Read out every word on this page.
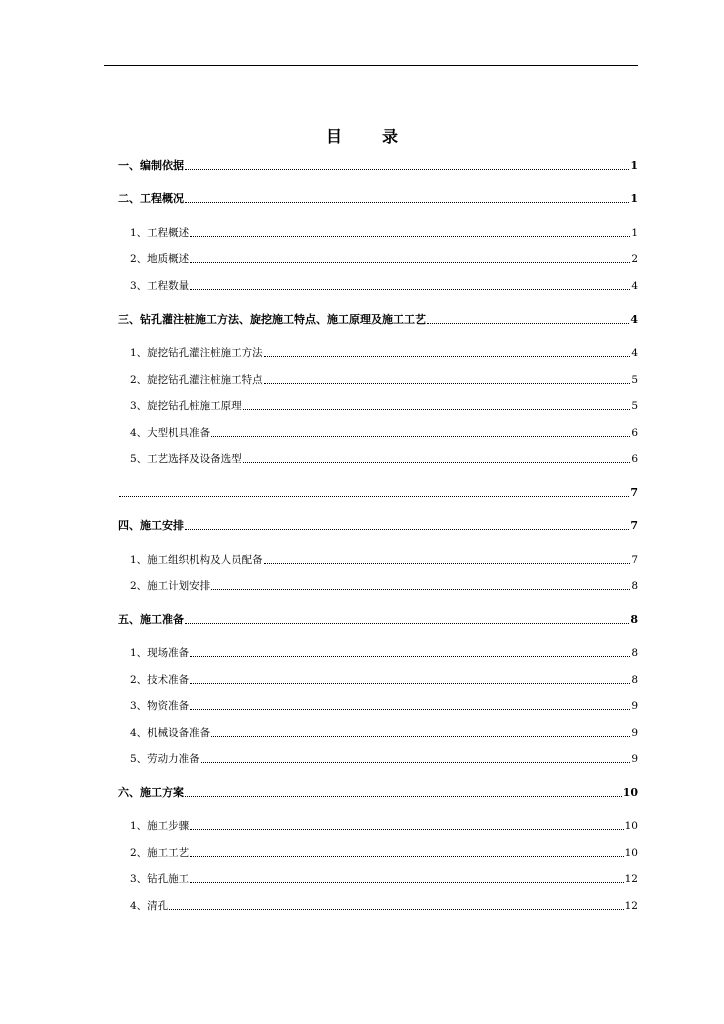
目　录
一、编制依据	1
二、工程概况	1
1、工程概述	1
2、地质概述	2
3、工程数量	4
三、钻孔灌注桩施工方法、旋挖施工特点、施工原理及施工工艺	4
1、旋挖钻孔灌注桩施工方法	4
2、旋挖钻孔灌注桩施工特点	5
3、旋挖钻孔桩施工原理	5
4、大型机具准备	6
5、工艺选择及设备选型	6
7
四、施工安排	7
1、施工组织机构及人员配备	7
2、施工计划安排	8
五、施工准备	8
1、现场准备	8
2、技术准备	8
3、物资准备	9
4、机械设备准备	9
5、劳动力准备	9
六、施工方案	10
1、施工步骤	10
2、施工工艺	10
3、钻孔施工	12
4、清孔	12
